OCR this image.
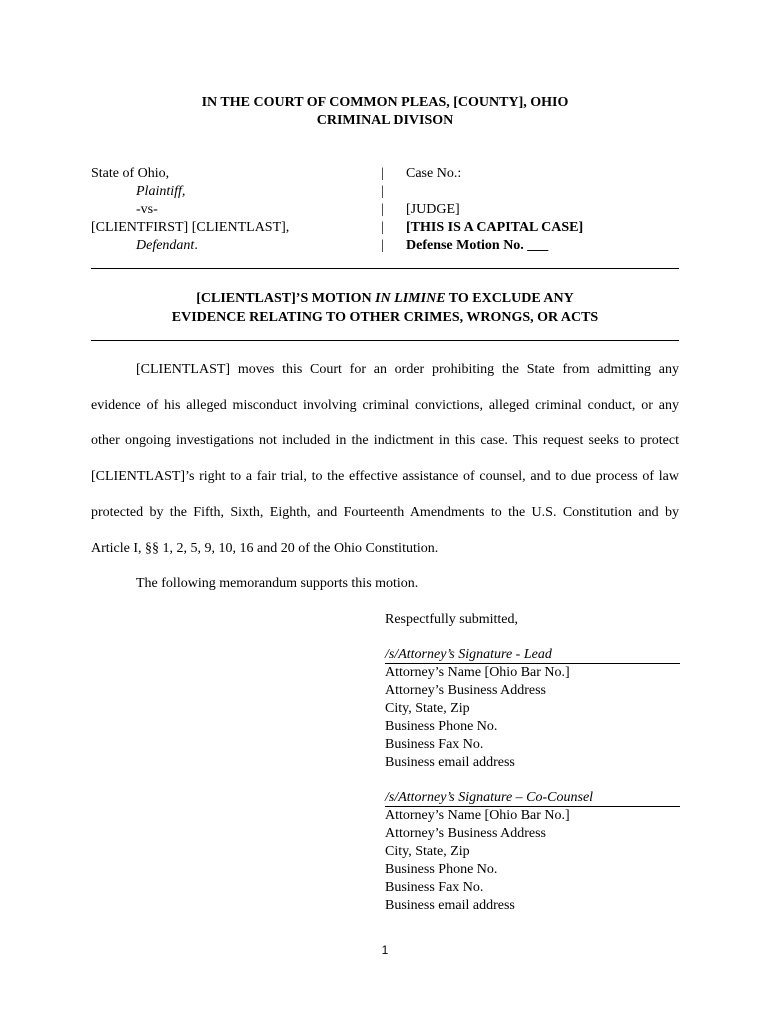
IN THE COURT OF COMMON PLEAS, [COUNTY], OHIO
CRIMINAL DIVISON
State of Ohio,	|	Case No.:
Plaintiff,	|
-vs-	|	[JUDGE]
[CLIENTFIRST] [CLIENTLAST],	|	[THIS IS A CAPITAL CASE]
Defendant.	|	Defense Motion No. ___
[CLIENTLAST]’S MOTION IN LIMINE TO EXCLUDE ANY
EVIDENCE RELATING TO OTHER CRIMES, WRONGS, OR ACTS

[CLIENTLAST] moves this Court for an order prohibiting the State from admitting any evidence of his alleged misconduct involving criminal convictions, alleged criminal conduct, or any other ongoing investigations not included in the indictment in this case. This request seeks to protect [CLIENTLAST]’s right to a fair trial, to the effective assistance of counsel, and to due process of law protected by the Fifth, Sixth, Eighth, and Fourteenth Amendments to the U.S. Constitution and by Article I, §§ 1, 2, 5, 9, 10, 16 and 20 of the Ohio Constitution.

The following memorandum supports this motion.
Respectfully submitted,
/s/Attorney’s Signature - Lead
Attorney’s Name [Ohio Bar No.]
Attorney’s Business Address
City, State, Zip
Business Phone No.
Business Fax No.
Business email address
/s/Attorney’s Signature – Co-Counsel
Attorney’s Name [Ohio Bar No.]
Attorney’s Business Address
City, State, Zip
Business Phone No.
Business Fax No.
Business email address
1
